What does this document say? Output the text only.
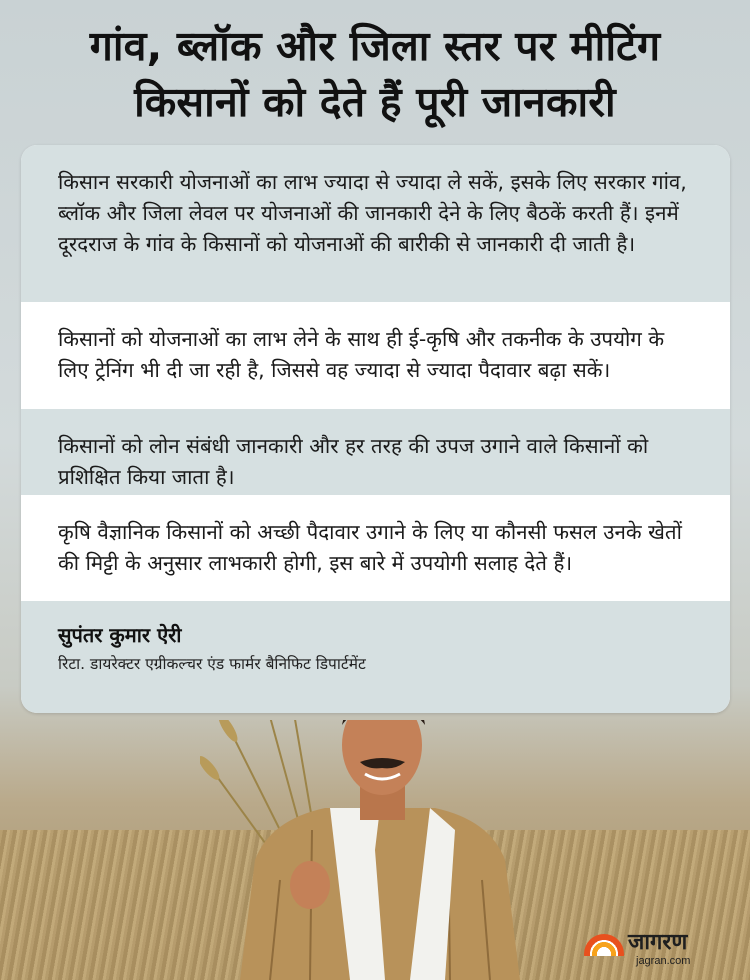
गांव, ब्लॉक और जिला स्तर पर मीटिंग
किसानों को देते हैं पूरी जानकारी
किसान सरकारी योजनाओं का लाभ ज्यादा से ज्यादा ले सकें, इसके लिए सरकार गांव, ब्लॉक और जिला लेवल पर योजनाओं की जानकारी देने के लिए बैठकें करती हैं। इनमें दूरदराज के गांव के किसानों को योजनाओं की बारीकी से जानकारी दी जाती है।
किसानों को योजनाओं का लाभ लेने के साथ ही ई-कृषि और तकनीक के उपयोग के लिए ट्रेनिंग भी दी जा रही है, जिससे वह ज्यादा से ज्यादा पैदावार बढ़ा सकें।
किसानों को लोन संबंधी जानकारी और हर तरह की उपज उगाने वाले किसानों को प्रशिक्षित किया जाता है।
कृषि वैज्ञानिक किसानों को अच्छी पैदावार उगाने के लिए या कौनसी फसल उनके खेतों की मिट्टी के अनुसार लाभकारी होगी, इस बारे में उपयोगी सलाह देते हैं।
सुपंतर कुमार ऐरी
रिटा. डायरेक्टर एग्रीकल्चर एंड फार्मर बैनिफिट डिपार्टमेंट
जागरण
jagran.com
